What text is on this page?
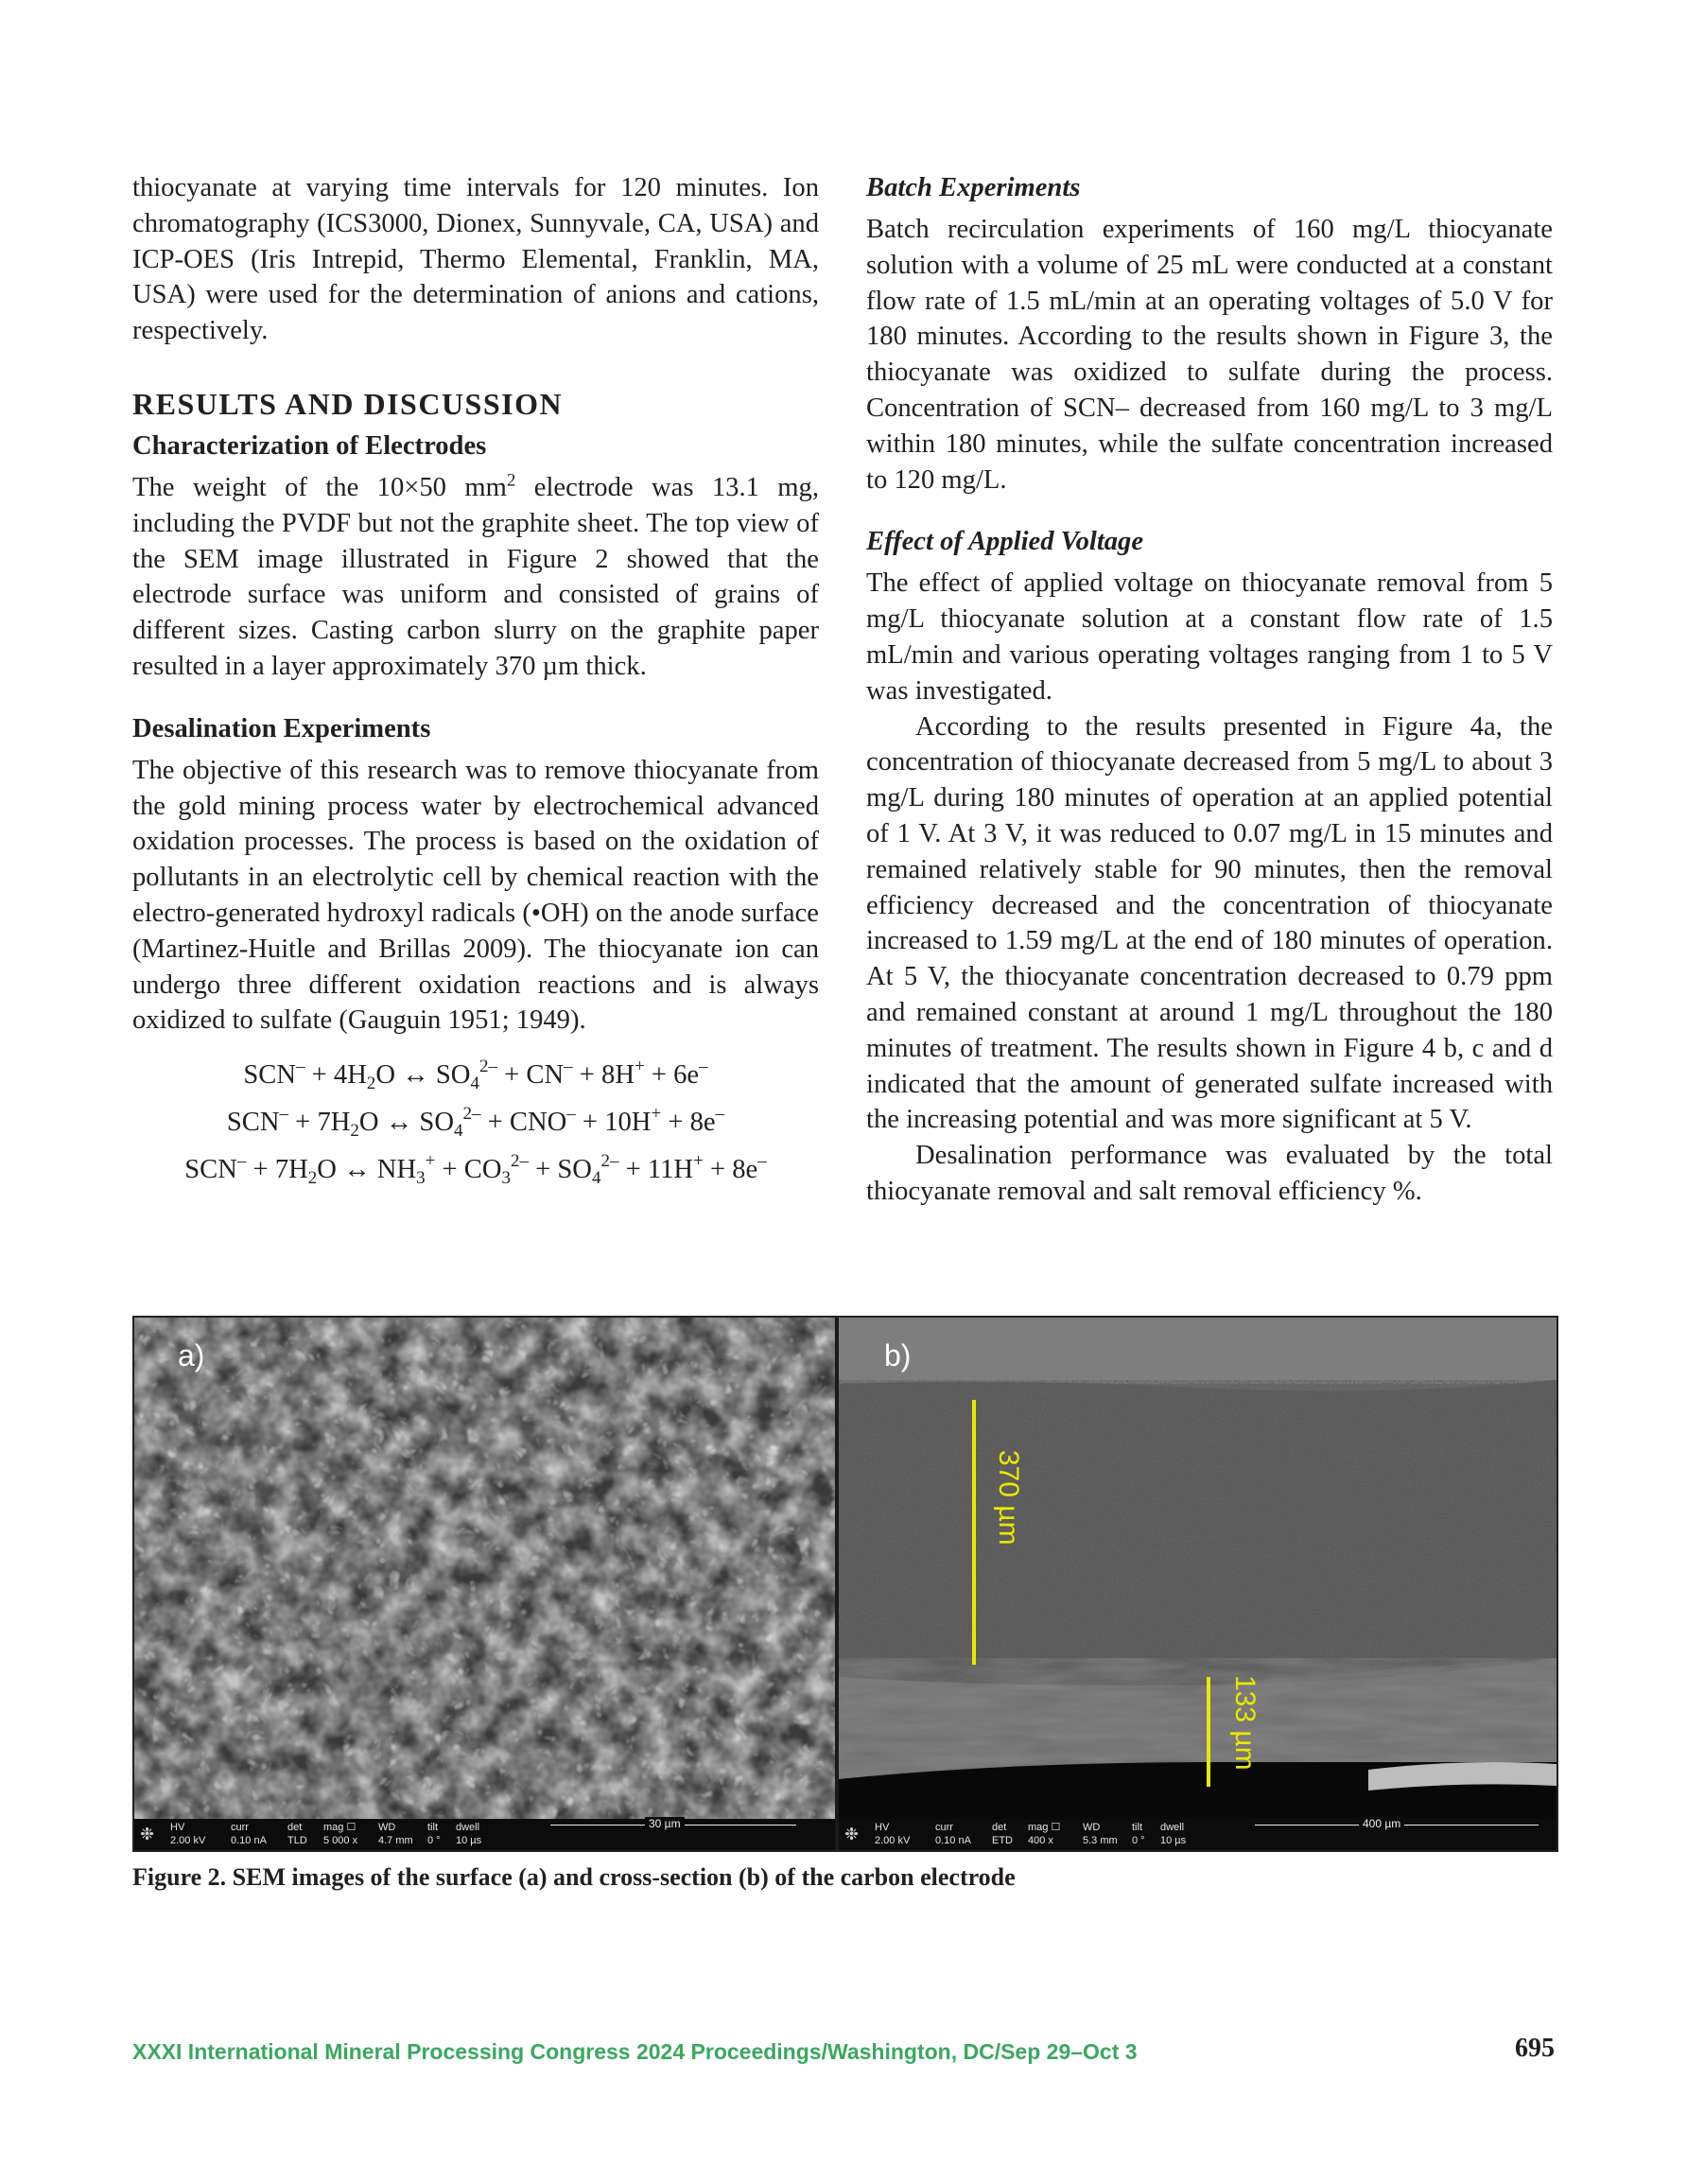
thiocyanate at varying time intervals for 120 minutes. Ion chromatography (ICS3000, Dionex, Sunnyvale, CA, USA) and ICP-OES (Iris Intrepid, Thermo Elemental, Franklin, MA, USA) were used for the determination of anions and cations, respectively.

RESULTS AND DISCUSSION
Characterization of Electrodes

The weight of the 10×50 $mm^2$ electrode was 13.1 mg, including the PVDF but not the graphite sheet. The top view of the SEM image illustrated in Figure 2 showed that the electrode surface was uniform and consisted of grains of different sizes. Casting carbon slurry on the graphite paper resulted in a layer approximately 370 µm thick.

Desalination Experiments

The objective of this research was to remove thiocyanate from the gold mining process water by electrochemical advanced oxidation processes. The process is based on the oxidation of pollutants in an electrolytic cell by chemical reaction with the electro-generated hydroxyl radicals (•OH) on the anode surface (Martinez-Huitle and Brillas 2009). The thiocyanate ion can undergo three different oxidation reactions and is always oxidized to sulfate (Gauguin 1951; 1949).

$SCN^- + 4H_2O$ ↔ $SO_4^{2-} + CN^- + 8H^+ + 6e^-$
$SCN^- + 7H_2O$ ↔ $SO_4^{2-} + CNO^- + 10H^+ + 8e^-$
$SCN^- + 7H_2O$ ↔ $NH_3^+ + CO_3^{2-} + SO_4^{2-} + 11H^+ + 8e^-$
Batch Experiments

Batch recirculation experiments of 160 mg/L thiocyanate solution with a volume of 25 mL were conducted at a constant flow rate of 1.5 mL/min at an operating voltages of 5.0 V for 180 minutes. According to the results shown in Figure 3, the thiocyanate was oxidized to sulfate during the process. Concentration of SCN– decreased from 160 mg/L to 3 mg/L within 180 minutes, while the sulfate concentration increased to 120 mg/L.

Effect of Applied Voltage

The effect of applied voltage on thiocyanate removal from 5 mg/L thiocyanate solution at a constant flow rate of 1.5 mL/min and various operating voltages ranging from 1 to 5 V was investigated.

According to the results presented in Figure 4a, the concentration of thiocyanate decreased from 5 mg/L to about 3 mg/L during 180 minutes of operation at an applied potential of 1 V. At 3 V, it was reduced to 0.07 mg/L in 15 minutes and remained relatively stable for 90 minutes, then the removal efficiency decreased and the concentration of thiocyanate increased to 1.59 mg/L at the end of 180 minutes of operation. At 5 V, the thiocyanate concentration decreased to 0.79 ppm and remained constant at around 1 mg/L throughout the 180 minutes of treatment. The results shown in Figure 4 b, c and d indicated that the amount of generated sulfate increased with the increasing potential and was more significant at 5 V.

Desalination performance was evaluated by the total thiocyanate removal and salt removal efficiency %.

a)
❉ HV
2.00 kV
curr
0.10 nA
det
TLD
mag ☐
5 000 x
WD
4.7 mm
tilt
0 °
dwell
10 µs
30 µm
b)
370 µm
133 µm
❉ HV
2.00 kV
curr
0.10 nA
det
ETD
mag ☐
400 x
WD
5.3 mm
tilt
0 °
dwell
10 µs
400 µm
Figure 2. SEM images of the surface (a) and cross-section (b) of the carbon electrode
XXXI International Mineral Processing Congress 2024 Proceedings/Washington, DC/Sep 29–Oct 3	695
